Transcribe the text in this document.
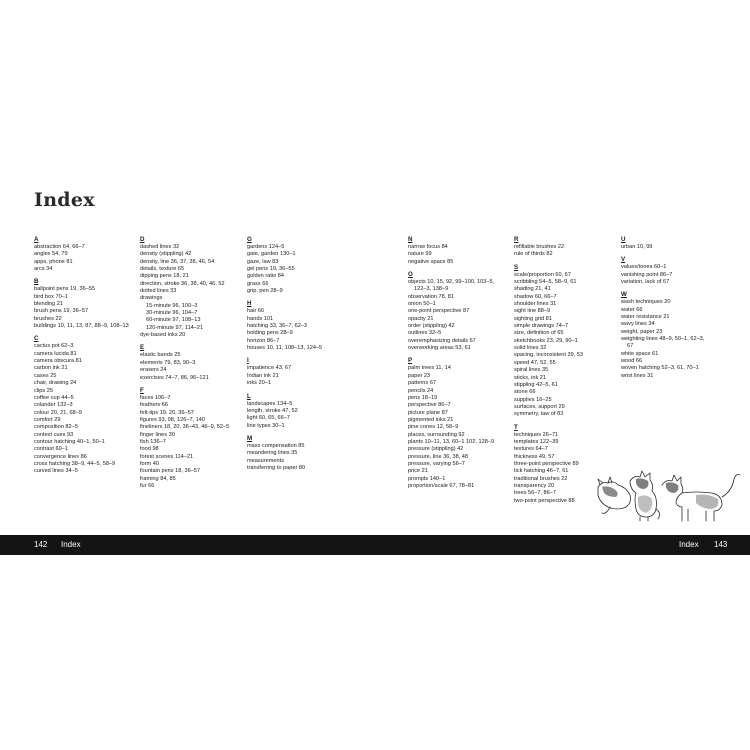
Index
A
abstraction 64, 66–7
angles 54, 79
apps, phone 81
arcs 34
B
ballpoint pens 19, 36–55
bird box 70–1
blending 21
brush pens 19, 36–57
brushes 22
buildings 10, 11, 13, 87, 88–9, 108–13
C
cactus pot 62–3
camera lucida 81
camera obscura 81
carbon ink 21
cases 25
chair, drawing 24
clips 25
coffee cup 44–5
colander 132–3
colour 20, 21, 68–9
comfort 29
composition 82–5
context cues 93
contour hatching 40–1, 50–1
contrast 60–1
convergence lines 86
cross hatching 38–9, 44–5, 58–9
curved lines 34–5
D
dashed lines 32
density (stippling) 42
density, line 36, 37, 38, 46, 54
details, texture 65
dipping pens 18, 21
direction, stroke 36, 38, 40, 46, 52
dotted lines 33
drawings
15-minute 96, 100–3
30-minute 96, 104–7
60-minute 97, 108–13
120-minute 97, 114–21
dye-based inks 20
E
elastic bands 25
elements 79, 83, 90–3
erasers 24
exercises 74–7, 86, 96–121
F
faces 106–7
feathers 66
felt-tips 19, 20, 36–57
figures 93, 98, 126–7, 140
fineliners 18, 20, 36–43, 46–9, 52–5
finger lines 30
fish 136–7
food 98
forest scenes 114–21
form 40
fountain pens 18, 36–57
framing 84, 85
fur 66
G
gardens 124–5
gate, garden 130–1
gaze, law 83
gel pens 19, 36–55
golden ratio 84
grass 66
grip, pen 28–9
H
hair 66
hands 101
hatching 33, 36–7, 62–3
holding pens 28–9
horizon 86–7
houses 10, 11, 108–13, 124–5
I
impatience 43, 67
Indian ink 21
inks 20–1
L
landscapes 134–5
length, stroke 47, 52
light 60, 65, 66–7
line types 30–1
M
mass compensation 85
meandering lines 35
measurements
transferring to paper 80
N
narrow focus 84
nature 99
negative space 85
O
objects 10, 15, 92, 99–100, 103–5,
122–3, 138–9
observation 78, 81
onion 50–1
one-point perspective 87
opacity 21
order (stippling) 42
outlines 32–5
overemphasizing details 67
overworking areas 53, 61
P
palm trees 11, 14
paper 23
patterns 67
pencils 24
pens 18–19
perspective 86–7
picture plane 87
pigmented inks 21
pine cones 12, 58–9
places, surrounding 92
plants 10–11, 13, 60–1 102, 128–9
pressure (stippling) 42
pressure, line 36, 38, 48
pressure, varying 56–7
price 21
prompts 140–1
proportion/scale 67, 78–81
R
refillable brushes 22
rule of thirds 82
S
scale/proportion 60, 67
scribbling 54–5, 58–9, 61
shading 21, 41
shadow 60, 66–7
shoulder lines 31
sight line 88–9
sighting grid 81
simple drawings 74–7
size, definition of 65
sketchbooks 23, 29, 90–1
solid lines 32
spacing, inconsistent 39, 53
speed 47, 52, 55
spiral lines 35
sticks, ink 21
stippling 42–5, 61
stone 66
supplies 16–25
surfaces, support 29
symmetry, law of 83
T
techniques 26–71
templates 122–39
textures 64–7
thickness 49, 57
three-point perspective 89
tick hatching 46–7, 61
traditional brushes 22
transparency 20
trees 56–7, 86–7
two-point perspective 88
U
urban 10, 99
V
values/tones 60–1
vanishing point 86–7
variation, lack of 67
W
wash techniques 20
water 66
water resistance 21
wavy lines 34
weight, paper 23
weighting lines 48–9, 50–1, 62–3,
67
white space 61
wood 66
woven hatching 52–3, 61, 70–1
wrist lines 31
142 Index	Index 143
